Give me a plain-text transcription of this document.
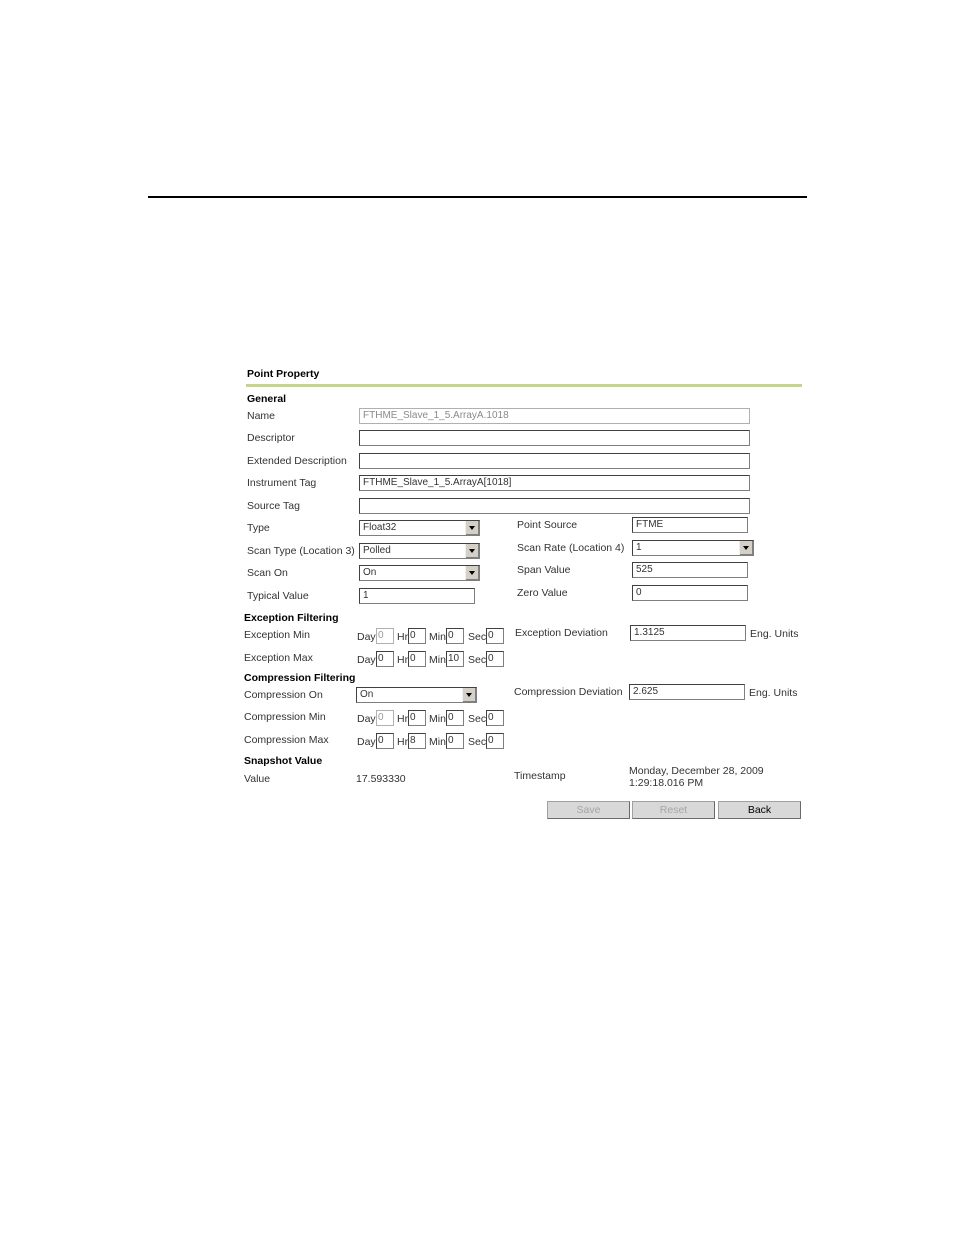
Point Property
General
Name	FTHME_Slave_1_5.ArrayA.1018
Descriptor
Extended Description
Instrument Tag	FTHME_Slave_1_5.ArrayA[1018]
Source Tag
Type	Float32
Scan Type (Location 3) Polled
Scan On	On
Typical Value	1
Point Source	FTME
Scan Rate (Location 4)	1
Span Value	525
Zero Value	0
Exception Filtering
Exception Min	Day 0	Hr 0	Min 0	Sec 0
Exception Max	Day 0	Hr 0	Min 10 Sec 0
Exception Deviation	1.3125	Eng. Units
Compression Filtering
Compression On	On
Compression Min	Day 0	Hr 0	Min 0	Sec 0
Compression Max	Day 0	Hr 8	Min 0	Sec 0
Compression Deviation	2.625	Eng. Units
Snapshot Value
Value	17.593330	Timestamp	Monday, December 28, 2009
1:29:18.016 PM
Save	Reset	Back
